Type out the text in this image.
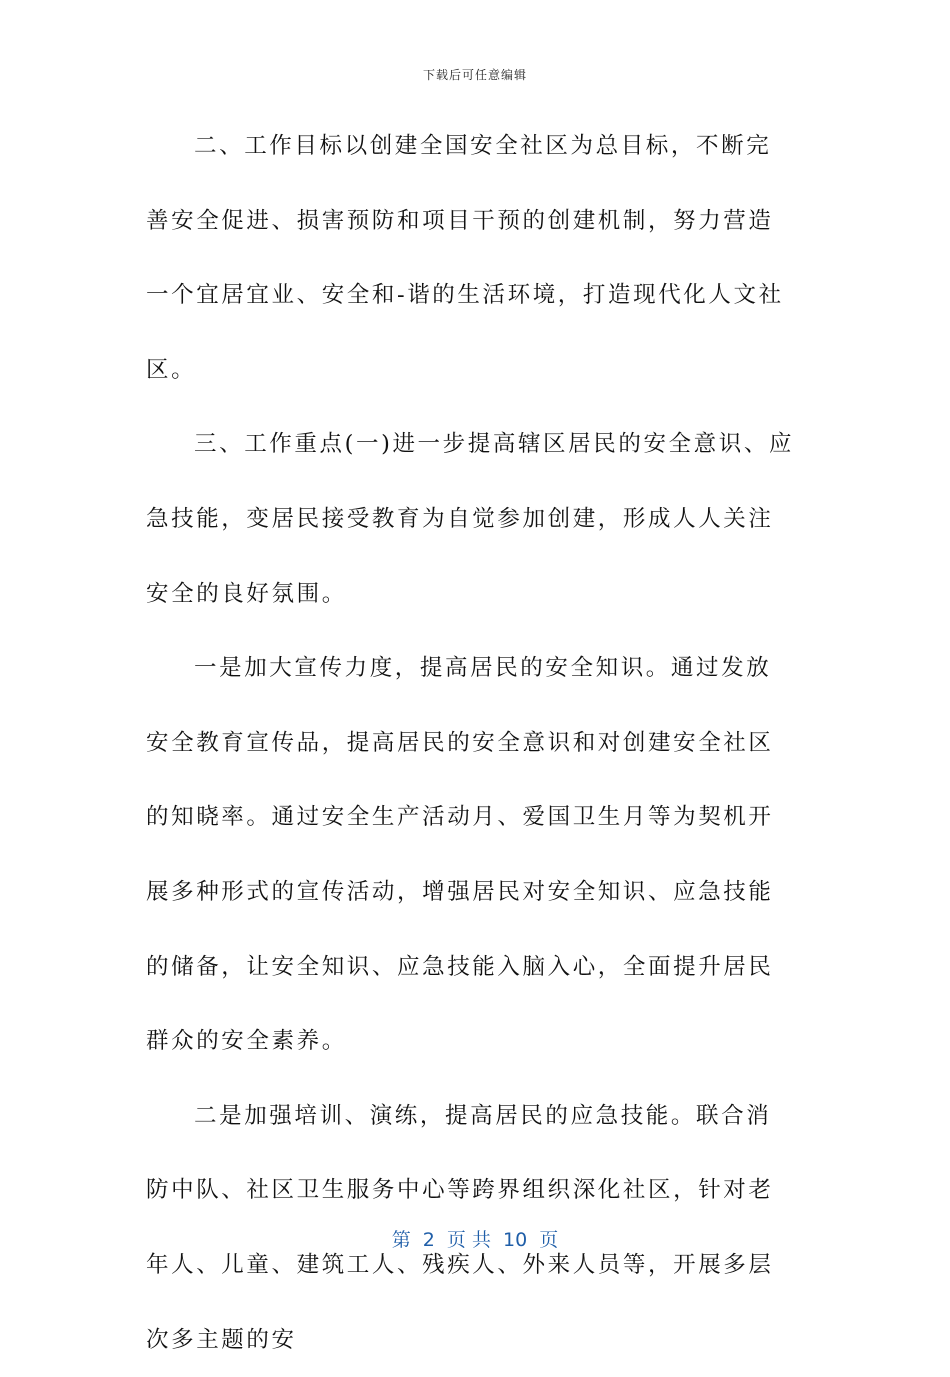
下载后可任意编辑

二、工作目标以创建全国安全社区为总目标，不断完善安全促进、损害预防和项目干预的创建机制，努力营造一个宜居宜业、安全和-谐的生活环境，打造现代化人文社区。

三、工作重点(一)进一步提高辖区居民的安全意识、应急技能，变居民接受教育为自觉参加创建，形成人人关注安全的良好氛围。

一是加大宣传力度，提高居民的安全知识。通过发放安全教育宣传品，提高居民的安全意识和对创建安全社区的知晓率。通过安全生产活动月、爱国卫生月等为契机开展多种形式的宣传活动，增强居民对安全知识、应急技能的储备，让安全知识、应急技能入脑入心，全面提升居民群众的安全素养。

二是加强培训、演练，提高居民的应急技能。联合消防中队、社区卫生服务中心等跨界组织深化社区，针对老年人、儿童、建筑工人、残疾人、外来人员等，开展多层次多主题的安

第  2  页 共  10  页
